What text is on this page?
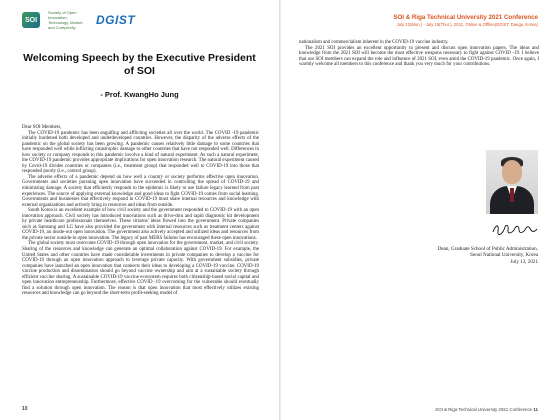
SOI
Society of Open Innovation: Technology, Market, and Complexity
DGIST
Welcoming Speech by the Executive President of SOI
- Prof. KwangHo Jung

Dear SOI Members,

The COVID-19 pandemic has been engulfing and afflicting societies all over the world. The COVID -19 pandemic initially burdened both developed and underdeveloped countries. However, the disparity of the adverse effects of the pandemic on the global society has been growing. A pandemic causes relatively little damage to some countries that have responded well while inflicting catastrophic damage to other countries that have not responded well. Differences in how society or company responds to this pandemic involve a kind of natural experiment. As such a natural experiment, the COVID-19 pandemic provides appropriate implications for open innovation research. The natural experiment caused by Covid-19 divides countries or companies (i.e., treatment group) that responded well to COVID-19 into those that responded poorly (i.e., control group).

The adverse effects of a pandemic depend on how well a country or society performs effective open innovation. Governments and societies pursuing open innovation have succeeded in controlling the spread of COVID-19 and minimizing damage. A society that efficiently responds to the epidemic is likely to use failure legacy learned from past experiences. The source of applying external knowledge and good ideas to fight COVID-19 comes from social learning. Governments and businesses that effectively respond to COVID-19 must share internal resources and knowledge with external organizations and actively bring in resources and ideas from outside.

South Korea is an excellent example of how civil society and the government responded to COVID-19 with an open innovation approach. Civil society has introduced innovations such as drive-thru and rapid diagnostic kit development by private healthcare professionals themselves. These citizens' ideas flowed into the government. Private companies such as Samsung and LG have also provided the government with internal resources such as treatment centers against COVID-19, an inside-out open innovation. The government also actively accepted and utilized ideas and resources from the private sector outside-in open innovation. The legacy of past MERS failures has encouraged these open innovations.

The global society must overcome COVID-19 through open innovation for the government, market, and civil society. Sharing of the resources and knowledge can generate an optimal collaboration against COVID-19. For example, the United States and other countries have made considerable investments in private companies to develop a vaccine for COVID-19 through an open innovation approach to leverage private capacity. With government subsidies, private companies have launched an open innovation that connects their ideas to developing a COVID-19 vaccine. COVID-19 vaccine production and dissemination should go beyond vaccine ownership and aim at a sustainable society through efficient vaccine sharing. A sustainable COVID-19 vaccine ecosystem requires both citizenship-based social capital and open innovation entrepreneurship. Furthermore, effective COVID -19 overcoming for the vulnerable should eventually find a solution through open innovation. The reason is that open innovation that most effectively utilizes existing resources and knowledge can go beyond the short-term profit-seeking model of

10
SOI & Riga Technical University 2021 Conference
July 12(Mon.) - July 15(Thur.), 2021, Online & Offline(DGIST, Daegu, Korea)

nationalism and commercialism inherent in the COVID-19 vaccine industry.

The 2021 SOI provides an excellent opportunity to present and discuss open innovation papers. The ideas and knowledge from the 2021 SOI will become the most effective weapons necessary to fight against COVID -19. I believe that our SOI members can expand the role and influence of 2021 SOI, even amid the COVID-19 pandemic. Once again, I warmly welcome all members to this conference and thank you very much for your contributions.

Dean, Graduate School of Public Administration,
Seoul National University, Korea
July 13, 2021
SOI & Riga Technical University 2021 Conference 11
